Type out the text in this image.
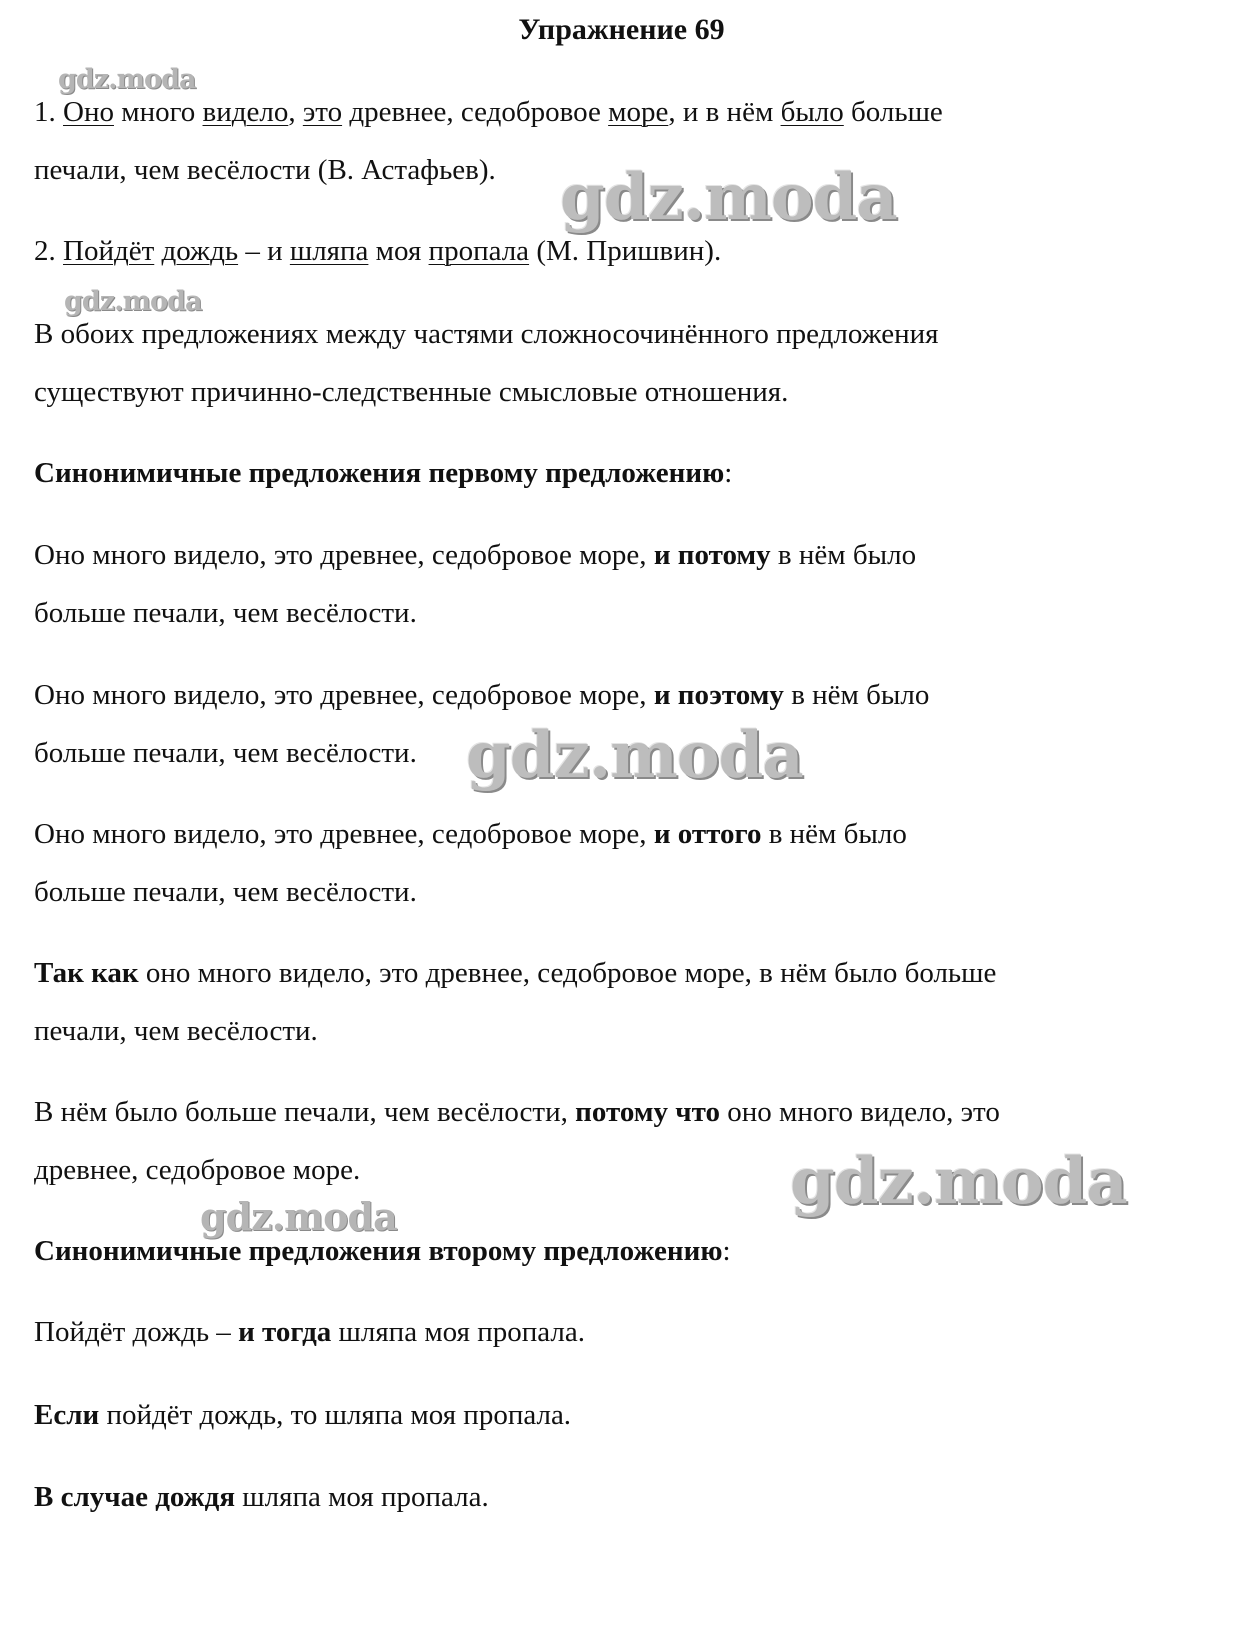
Упражнение 69

gdz.moda
gdz.moda
gdz.moda
gdz.moda
gdz.moda
gdz.moda

1. Оно много видело, это древнее, седобровое море, и в нём было больше

печали, чем весёлости (В. Астафьев).

2. Пойдёт дождь – и шляпа моя пропала (М. Пришвин).

В обоих предложениях между частями сложносочинённого предложения

существуют причинно-следственные смысловые отношения.

Синонимичные предложения первому предложению:

Оно много видело, это древнее, седобровое море, и потому в нём было

больше печали, чем весёлости.

Оно много видело, это древнее, седобровое море, и поэтому в нём было

больше печали, чем весёлости.

Оно много видело, это древнее, седобровое море, и оттого в нём было

больше печали, чем весёлости.

Так как оно много видело, это древнее, седобровое море, в нём было больше

печали, чем весёлости.

В нём было больше печали, чем весёлости, потому что оно много видело, это

древнее, седобровое море.

Синонимичные предложения второму предложению:

Пойдёт дождь – и тогда шляпа моя пропала.

Если пойдёт дождь, то шляпа моя пропала.

В случае дождя шляпа моя пропала.
